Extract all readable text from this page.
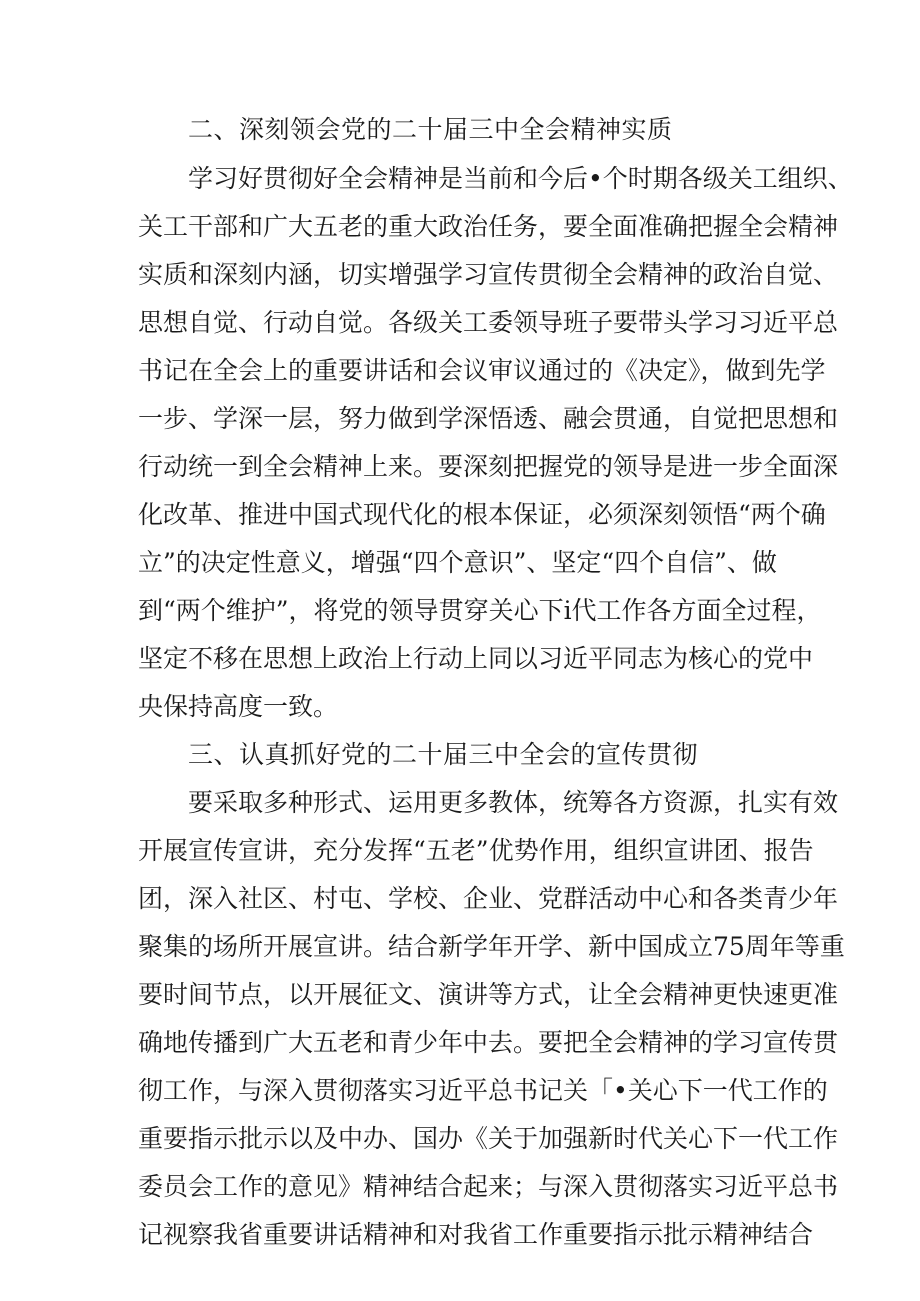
二、深刻领会党的二十届三中全会精神实质

学习好贯彻好全会精神是当前和今后•个时期各级关工组织、

关工干部和广大五老的重大政治任务，要全面准确把握全会精神

实质和深刻内涵，切实增强学习宣传贯彻全会精神的政治自觉、

思想自觉、行动自觉。各级关工委领导班子要带头学习习近平总

书记在全会上的重要讲话和会议审议通过的《决定》，做到先学

一步、学深一层，努力做到学深悟透、融会贯通，自觉把思想和

行动统一到全会精神上来。要深刻把握党的领导是进一步全面深

化改革、推进中国式现代化的根本保证，必须深刻领悟“两个确

立”的决定性意义，增强“四个意识”、坚定“四个自信”、做

到“两个维护”，将党的领导贯穿关心下i代工作各方面全过程，

坚定不移在思想上政治上行动上同以习近平同志为核心的党中

央保持高度一致。

三、认真抓好党的二十届三中全会的宣传贯彻

要采取多种形式、运用更多教体，统筹各方资源，扎实有效

开展宣传宣讲，充分发挥“五老”优势作用，组织宣讲团、报告

团，深入社区、村屯、学校、企业、党群活动中心和各类青少年

聚集的场所开展宣讲。结合新学年开学、新中国成立75周年等重

要时间节点，以开展征文、演讲等方式，让全会精神更快速更准

确地传播到广大五老和青少年中去。要把全会精神的学习宣传贯

彻工作，与深入贯彻落实习近平总书记关「•关心下一代工作的

重要指示批示以及中办、国办《关于加强新时代关心下一代工作

委员会工作的意见》精神结合起来；与深入贯彻落实习近平总书

记视察我省重要讲话精神和对我省工作重要指示批示精神结合
